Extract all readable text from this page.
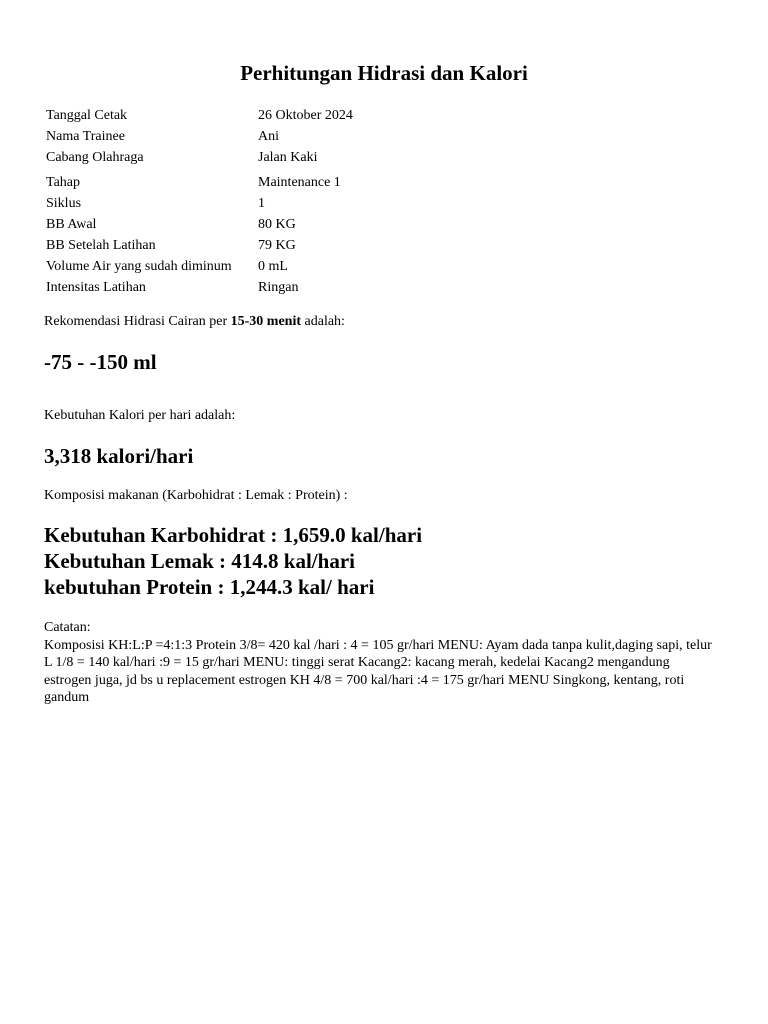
Perhitungan Hidrasi dan Kalori
Tanggal Cetak	26 Oktober 2024
Nama Trainee	Ani
Cabang Olahraga	Jalan Kaki
Tahap	Maintenance 1
Siklus	1
BB Awal	80 KG
BB Setelah Latihan	79 KG
Volume Air yang sudah diminum	0 mL
Intensitas Latihan	Ringan
Rekomendasi Hidrasi Cairan per 15-30 menit adalah:
-75 - -150 ml
Kebutuhan Kalori per hari adalah:
3,318 kalori/hari
Komposisi makanan (Karbohidrat : Lemak : Protein) :
Kebutuhan Karbohidrat : 1,659.0 kal/hari
Kebutuhan Lemak : 414.8 kal/hari
kebutuhan Protein : 1,244.3 kal/ hari
Catatan:
Komposisi KH:L:P =4:1:3 Protein 3/8= 420 kal /hari : 4 = 105 gr/hari MENU: Ayam dada tanpa kulit,daging sapi, telur L 1/8 = 140 kal/hari :9 = 15 gr/hari MENU: tinggi serat Kacang2: kacang merah, kedelai Kacang2 mengandung estrogen juga, jd bs u replacement estrogen KH 4/8 = 700 kal/hari :4 = 175 gr/hari MENU Singkong, kentang, roti gandum
